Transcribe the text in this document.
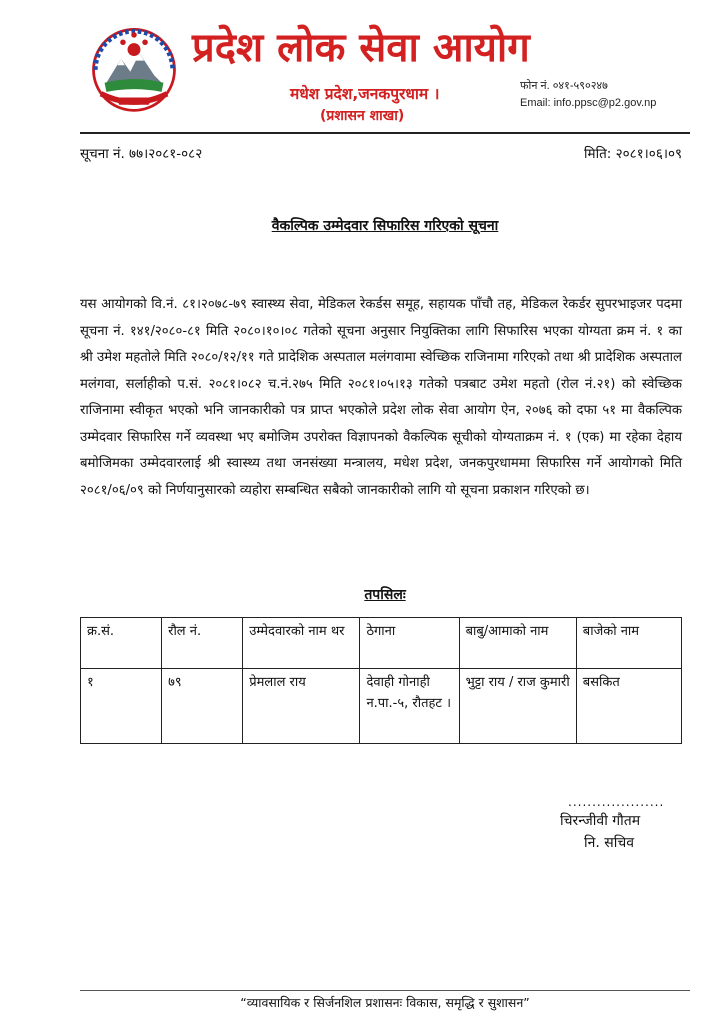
प्रदेश लोक सेवा आयोग
मधेश प्रदेश,जनकपुरधाम ।
(प्रशासन शाखा)
फोन नं. ०४१-५९०२४७
Email: info.ppsc@p2.gov.np
सूचना नं. ७७।२०८१-०८२	मिति: २०८१।०६।०९
वैकल्पिक उम्मेदवार सिफारिस गरिएको सूचना

यस आयोगको वि.नं. ८१।२०७८-७९ स्वास्थ्य सेवा, मेडिकल रेकर्डस समूह, सहायक पाँचौ तह, मेडिकल रेकर्डर सुपरभाइजर पदमा सूचना नं. १४१/२०८०-८१ मिति २०८०।१०।०८ गतेको सूचना अनुसार नियुक्तिका लागि सिफारिस भएका योग्यता क्रम नं. १ का श्री उमेश महतोले मिति २०८०/१२/११ गते प्रादेशिक अस्पताल मलंगवामा स्वेच्छिक राजिनामा गरिएको तथा श्री प्रादेशिक अस्पताल मलंगवा, सर्लाहीको प.सं. २०८१।०८२ च.नं.२७५ मिति २०८१।०५।१३ गतेको पत्रबाट उमेश महतो (रोल नं.२१) को स्वेच्छिक राजिनामा स्वीकृत भएको भनि जानकारीको पत्र प्राप्त भएकोले प्रदेश लोक सेवा आयोग ऐन, २०७६ को दफा ५१ मा वैकल्पिक उम्मेदवार सिफारिस गर्ने व्यवस्था भए बमोजिम उपरोक्त विज्ञापनको वैकल्पिक सूचीको योग्यताक्रम नं. १ (एक) मा रहेका देहाय बमोजिमका उम्मेदवारलाई श्री स्वास्थ्य तथा जनसंख्या मन्त्रालय, मधेश प्रदेश, जनकपुरधाममा सिफारिस गर्ने आयोगको मिति २०८१/०६/०९ को निर्णयानुसारको व्यहोरा सम्बन्धित सबैको जानकारीको लागि यो सूचना प्रकाशन गरिएको छ।

तपसिलः
क्र.सं.	रौल नं.	उम्मेदवारको नाम थर	ठेगाना	बाबु/आमाको नाम	बाजेको नाम
१	७९	प्रेमलाल राय	देवाही गोनाही न.पा.-५, रौतहट ।	भुट्टा राय / राज कुमारी	बसकित
....................
चिरन्जीवी गौतम
नि. सचिव
“व्यावसायिक र सिर्जनशिल प्रशासनः विकास, समृद्धि र सुशासन”
